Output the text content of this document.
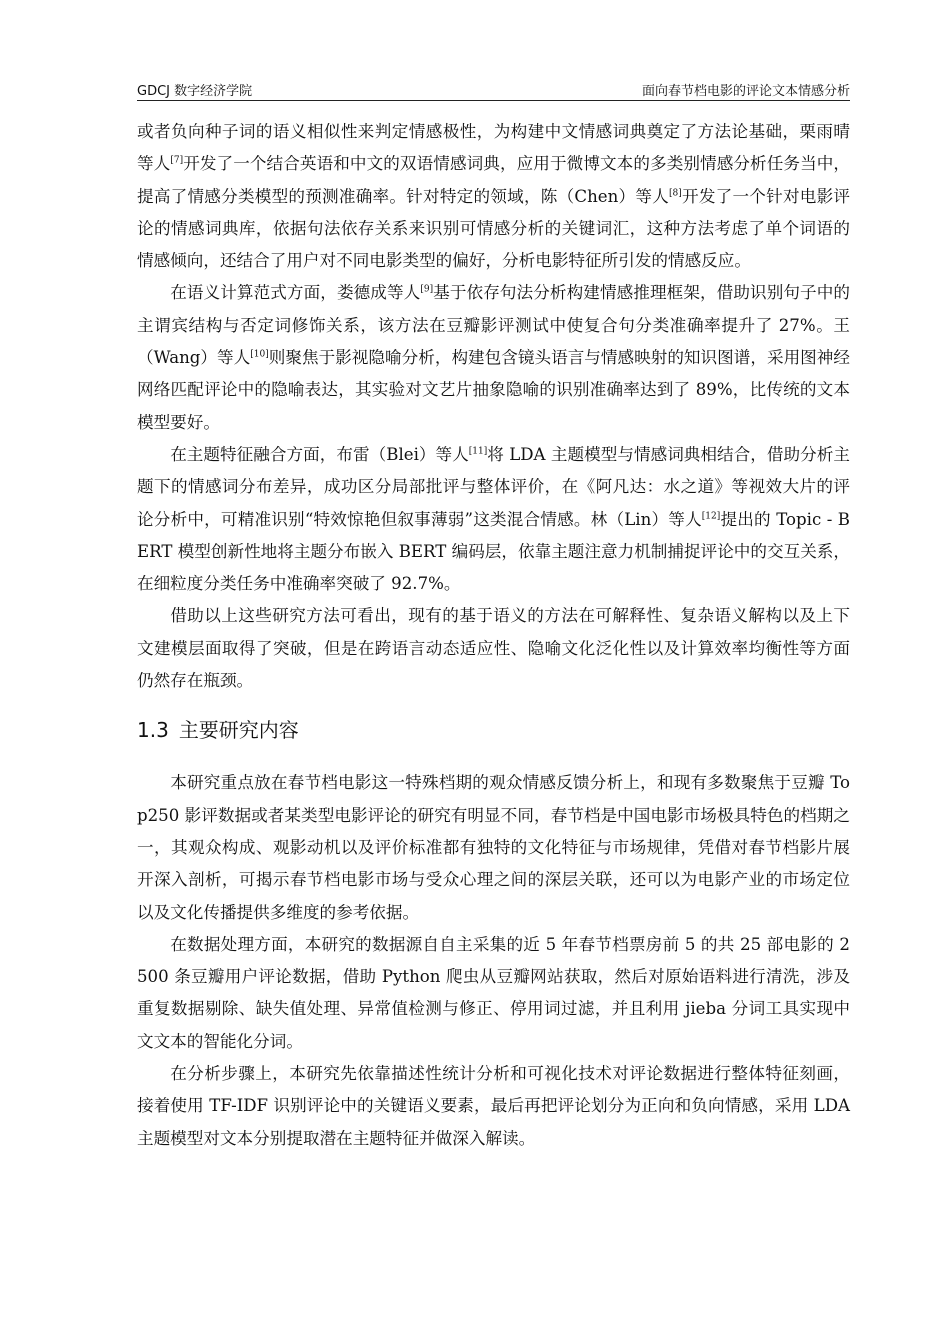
GDCJ 数字经济学院	面向春节档电影的评论文本情感分析

或者负向种子词的语义相似性来判定情感极性，为构建中文情感词典奠定了方法论基础，栗雨晴等人[7]开发了一个结合英语和中文的双语情感词典，应用于微博文本的多类别情感分析任务当中，提高了情感分类模型的预测准确率。针对特定的领域，陈（Chen）等人[8]开发了一个针对电影评论的情感词典库，依据句法依存关系来识别可情感分析的关键词汇，这种方法考虑了单个词语的情感倾向，还结合了用户对不同电影类型的偏好，分析电影特征所引发的情感反应。

在语义计算范式方面，娄德成等人[9]基于依存句法分析构建情感推理框架，借助识别句子中的主谓宾结构与否定词修饰关系，该方法在豆瓣影评测试中使复合句分类准确率提升了 27%。王（Wang）等人[10]则聚焦于影视隐喻分析，构建包含镜头语言与情感映射的知识图谱，采用图神经网络匹配评论中的隐喻表达，其实验对文艺片抽象隐喻的识别准确率达到了 89%，比传统的文本模型要好。

在主题特征融合方面，布雷（Blei）等人[11]将 LDA 主题模型与情感词典相结合，借助分析主题下的情感词分布差异，成功区分局部批评与整体评价，在《阿凡达：水之道》等视效大片的评论分析中，可精准识别“特效惊艳但叙事薄弱”这类混合情感。林（Lin）等人[12]提出的 Topic - BERT 模型创新性地将主题分布嵌入 BERT 编码层，依靠主题注意力机制捕捉评论中的交互关系，在细粒度分类任务中准确率突破了 92.7%。

借助以上这些研究方法可看出，现有的基于语义的方法在可解释性、复杂语义解构以及上下文建模层面取得了突破，但是在跨语言动态适应性、隐喻文化泛化性以及计算效率均衡性等方面仍然存在瓶颈。

1.3 主要研究内容

本研究重点放在春节档电影这一特殊档期的观众情感反馈分析上，和现有多数聚焦于豆瓣 Top250 影评数据或者某类型电影评论的研究有明显不同，春节档是中国电影市场极具特色的档期之一，其观众构成、观影动机以及评价标准都有独特的文化特征与市场规律，凭借对春节档影片展开深入剖析，可揭示春节档电影市场与受众心理之间的深层关联，还可以为电影产业的市场定位以及文化传播提供多维度的参考依据。

在数据处理方面，本研究的数据源自自主采集的近 5 年春节档票房前 5 的共 25 部电影的 2500 条豆瓣用户评论数据，借助 Python 爬虫从豆瓣网站获取，然后对原始语料进行清洗，涉及重复数据剔除、缺失值处理、异常值检测与修正、停用词过滤，并且利用 jieba 分词工具实现中文文本的智能化分词。

在分析步骤上，本研究先依靠描述性统计分析和可视化技术对评论数据进行整体特征刻画，接着使用 TF-IDF 识别评论中的关键语义要素，最后再把评论划分为正向和负向情感，采用 LDA 主题模型对文本分别提取潜在主题特征并做深入解读。
